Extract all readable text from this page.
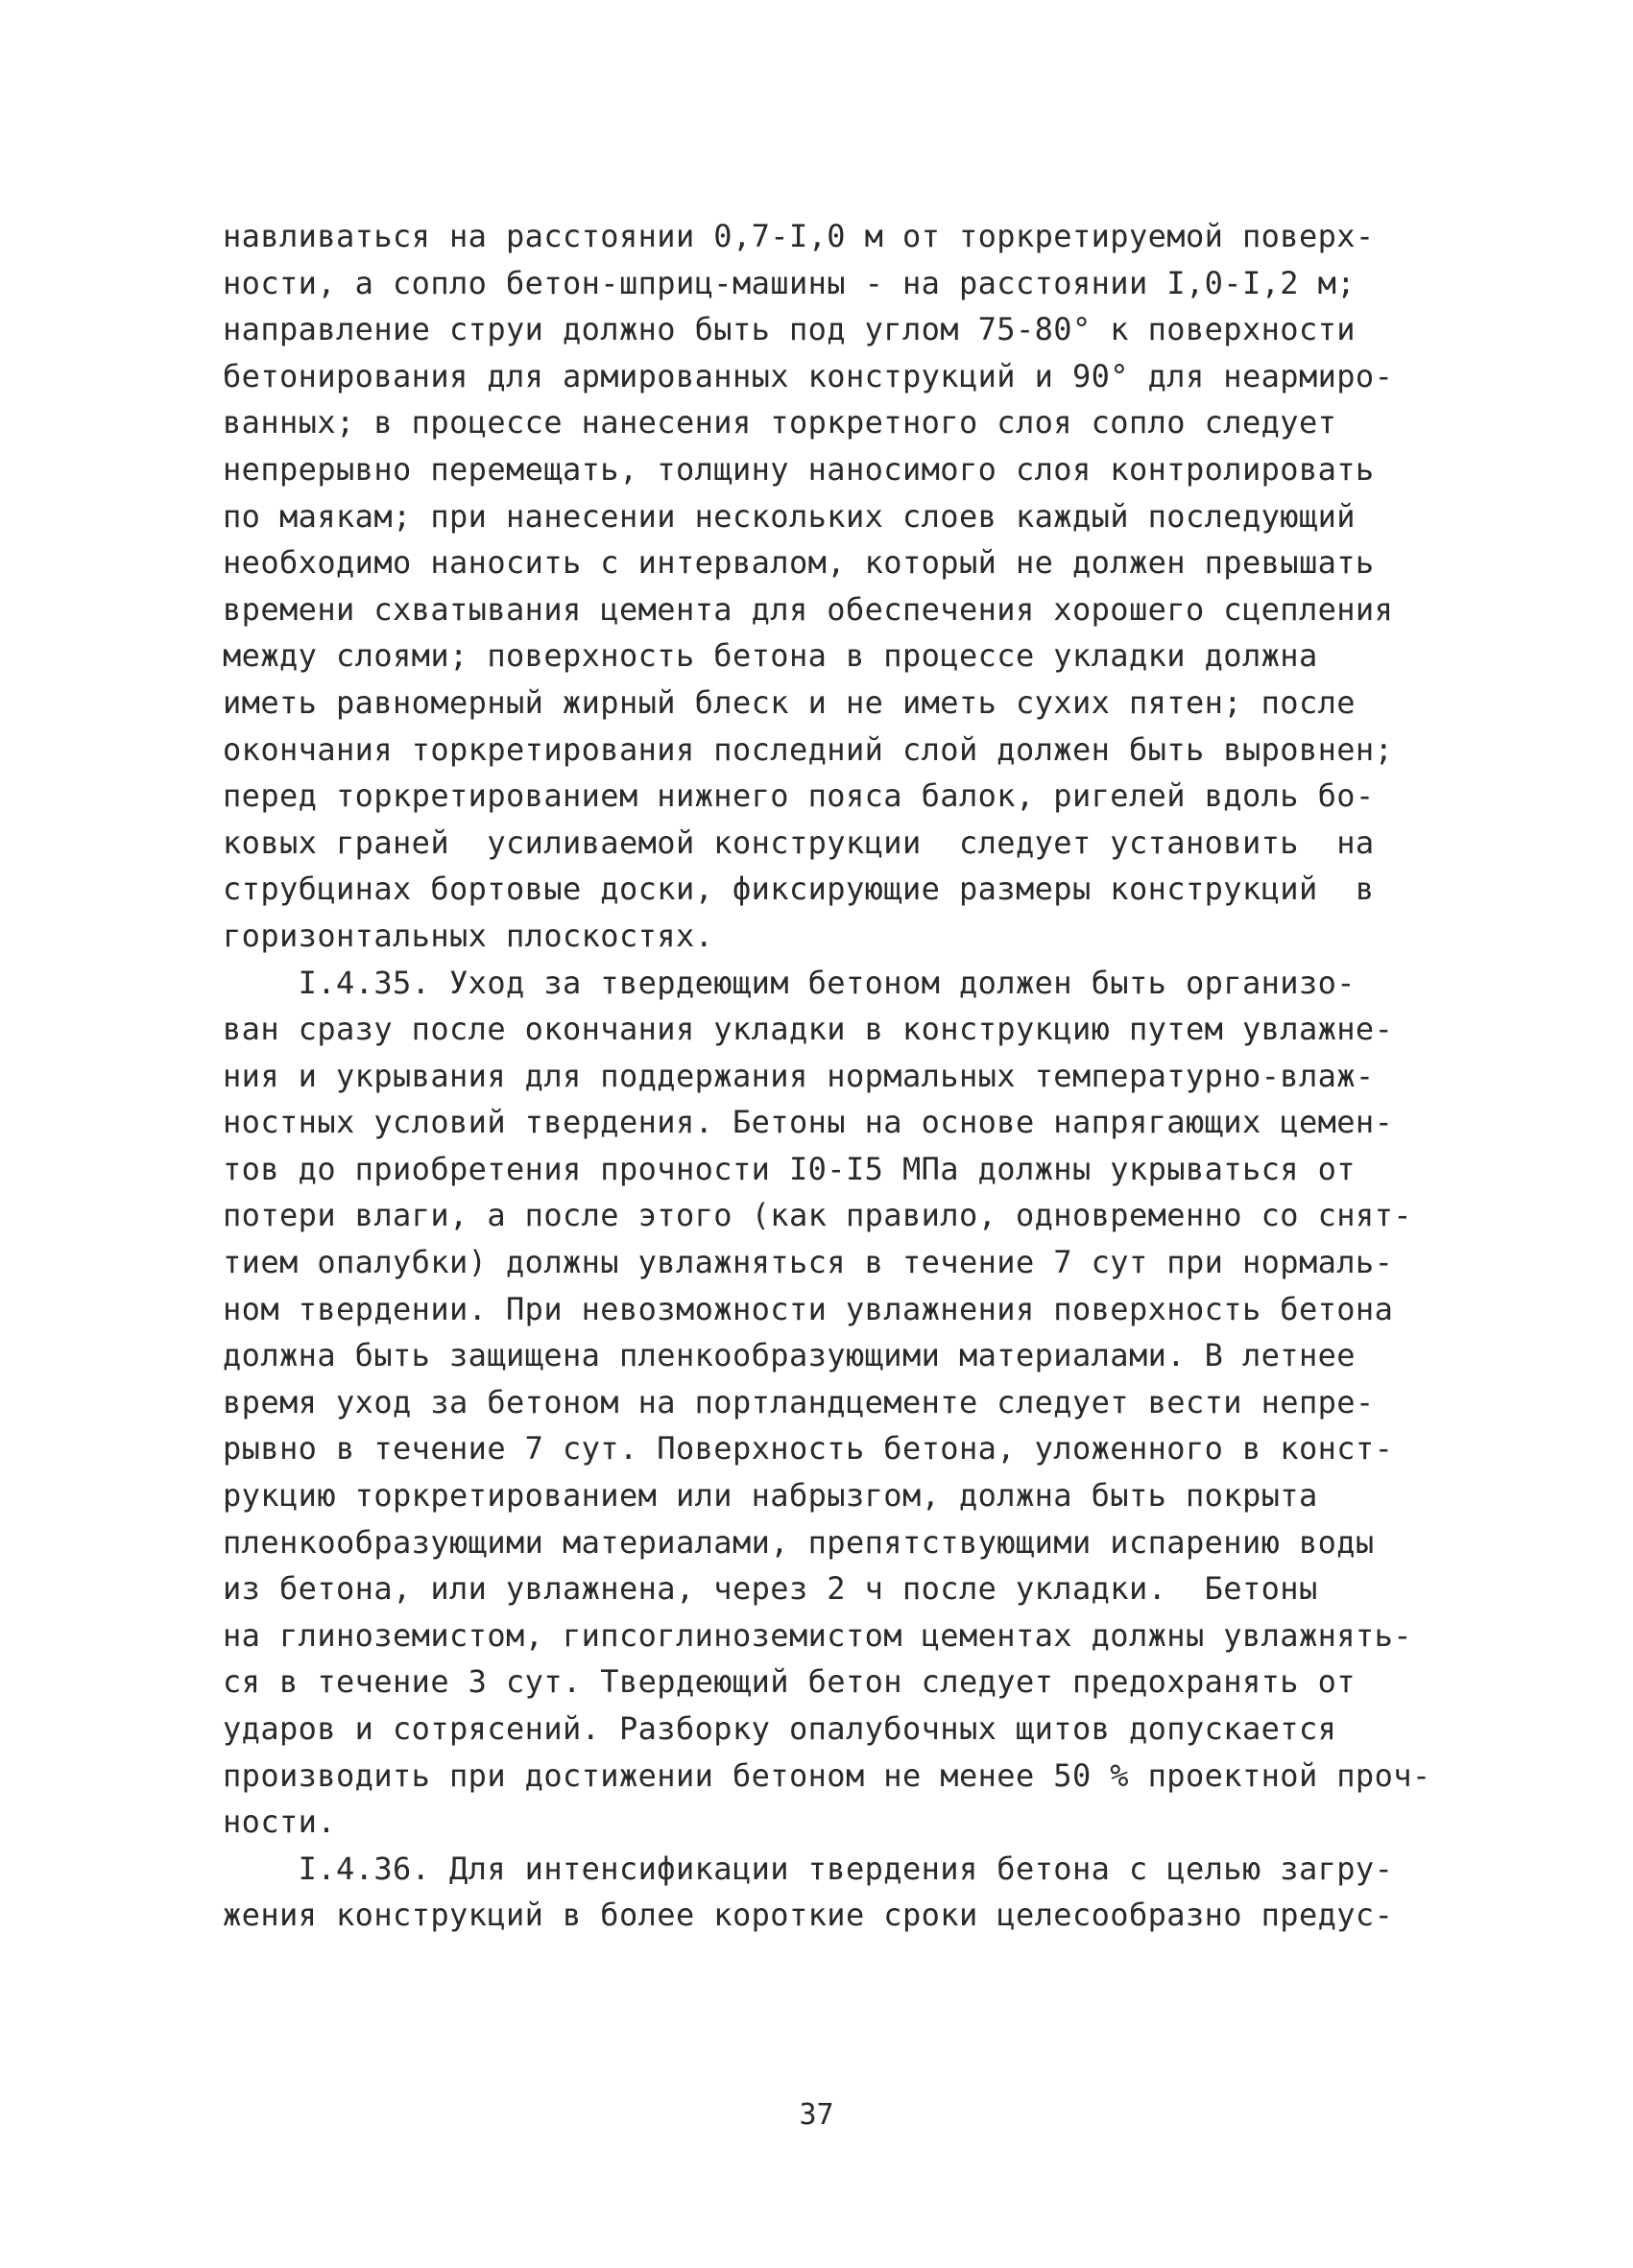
навливаться на расстоянии 0,7-I,0 м от торкретируемой поверх-
ности, а сопло бетон-шприц-машины - на расстоянии I,0-I,2 м;
направление струи должно быть под углом 75-80° к поверхности
бетонирования для армированных конструкций и 90° для неармиро-
ванных; в процессе нанесения торкретного слоя сопло следует
непрерывно перемещать, толщину наносимого слоя контролировать
по маякам; при нанесении нескольких слоев каждый последующий
необходимо наносить с интервалом, который не должен превышать
времени схватывания цемента для обеспечения хорошего сцепления
между слоями; поверхность бетона в процессе укладки должна
иметь равномерный жирный блеск и не иметь сухих пятен; после
окончания торкретирования последний слой должен быть выровнен;
перед торкретированием нижнего пояса балок, ригелей вдоль бо-
ковых граней  усиливаемой конструкции  следует установить  на
струбцинах бортовые доски, фиксирующие размеры конструкций  в
горизонтальных плоскостях.
I.4.35. Уход за твердеющим бетоном должен быть организо-
ван сразу после окончания укладки в конструкцию путем увлажне-
ния и укрывания для поддержания нормальных температурно-влаж-
ностных условий твердения. Бетоны на основе напрягающих цемен-
тов до приобретения прочности I0-I5 МПа должны укрываться от
потери влаги, а после этого (как правило, одновременно со снят-
тием опалубки) должны увлажняться в течение 7 сут при нормаль-
ном твердении. При невозможности увлажнения поверхность бетона
должна быть защищена пленкообразующими материалами. В летнее
время уход за бетоном на портландцементе следует вести непре-
рывно в течение 7 сут. Поверхность бетона, уложенного в конст-
рукцию торкретированием или набрызгом, должна быть покрыта
пленкообразующими материалами, препятствующими испарению воды
из бетона, или увлажнена, через 2 ч после укладки.  Бетоны
на глиноземистом, гипсоглиноземистом цементах должны увлажнять-
ся в течение 3 сут. Твердеющий бетон следует предохранять от
ударов и сотрясений. Разборку опалубочных щитов допускается
производить при достижении бетоном не менее 50 % проектной проч-
ности.
I.4.36. Для интенсификации твердения бетона с целью загру-
жения конструкций в более короткие сроки целесообразно предус-
37
